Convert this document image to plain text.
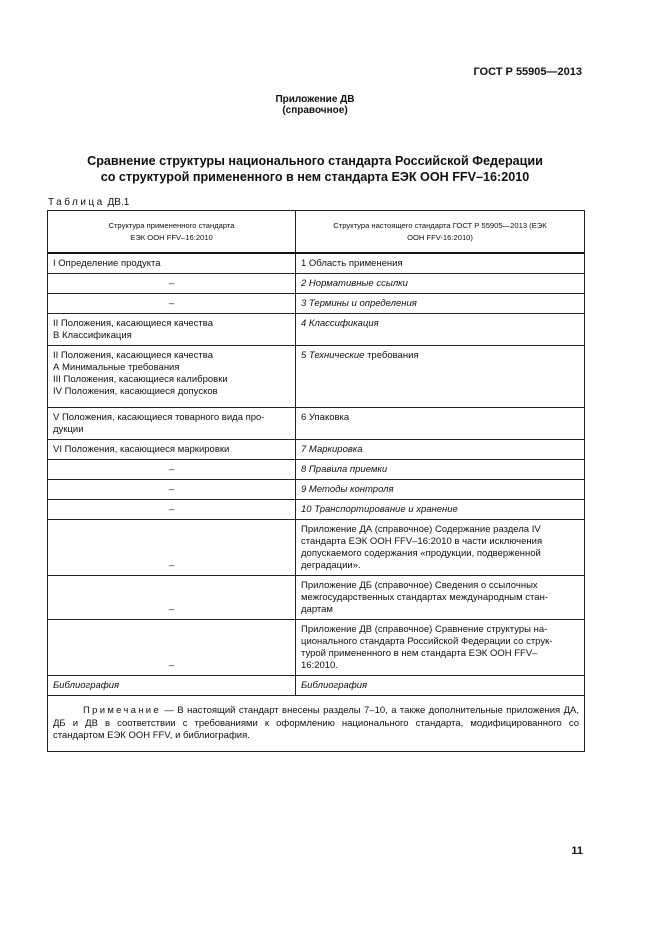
ГОСТ Р 55905—2013
Приложение ДВ
(справочное)
Сравнение структуры национального стандарта Российской Федерации
со структурой примененного в нем стандарта ЕЭК ООН FFV–16:2010
Таблица ДВ.1
Структура примененного стандарта
ЕЭК ООН FFV–16:2010	Структура настоящего стандарта ГОСТ Р 55905—2013 (ЕЭК
ООН FFV-16:2010)
I Определение продукта	1 Область применения
–	2 Нормативные ссылки
–	3 Термины и определения
II Положения, касающиеся качества
В Классификация	4 Классификация
II Положения, касающиеся качества
А Минимальные требования
III Положения, касающиеся калибровки
IV Положения, касающиеся допусков	5 Технические требования
V Положения, касающиеся товарного вида про-
дукции	6 Упаковка
VI Положения, касающиеся маркировки	7 Маркировка
–	8 Правила приемки
–	9 Методы контроля
–	10 Транспортирование и хранение
–	Приложение ДА (справочное) Содержание раздела IV
стандарта ЕЭК ООН FFV–16:2010 в части исключения
допускаемого содержания «продукции, подверженной
деградации».
–	Приложение ДБ (справочное) Сведения о ссылочных
межгосударственных стандартах международным стан-
дартам
–	Приложение ДВ (справочное) Сравнение структуры на-
ционального стандарта Российской Федерации со струк-
турой примененного в нем стандарта ЕЭК ООН FFV–
16:2010.
Библиография	Библиография
Примечание — В настоящий стандарт внесены разделы 7–10, а также дополнительные приложения ДА, ДБ и ДВ в соответствии с требованиями к оформлению национального стандарта, модифицированного со стандартом ЕЭК ООН FFV, и библиография.	
11
